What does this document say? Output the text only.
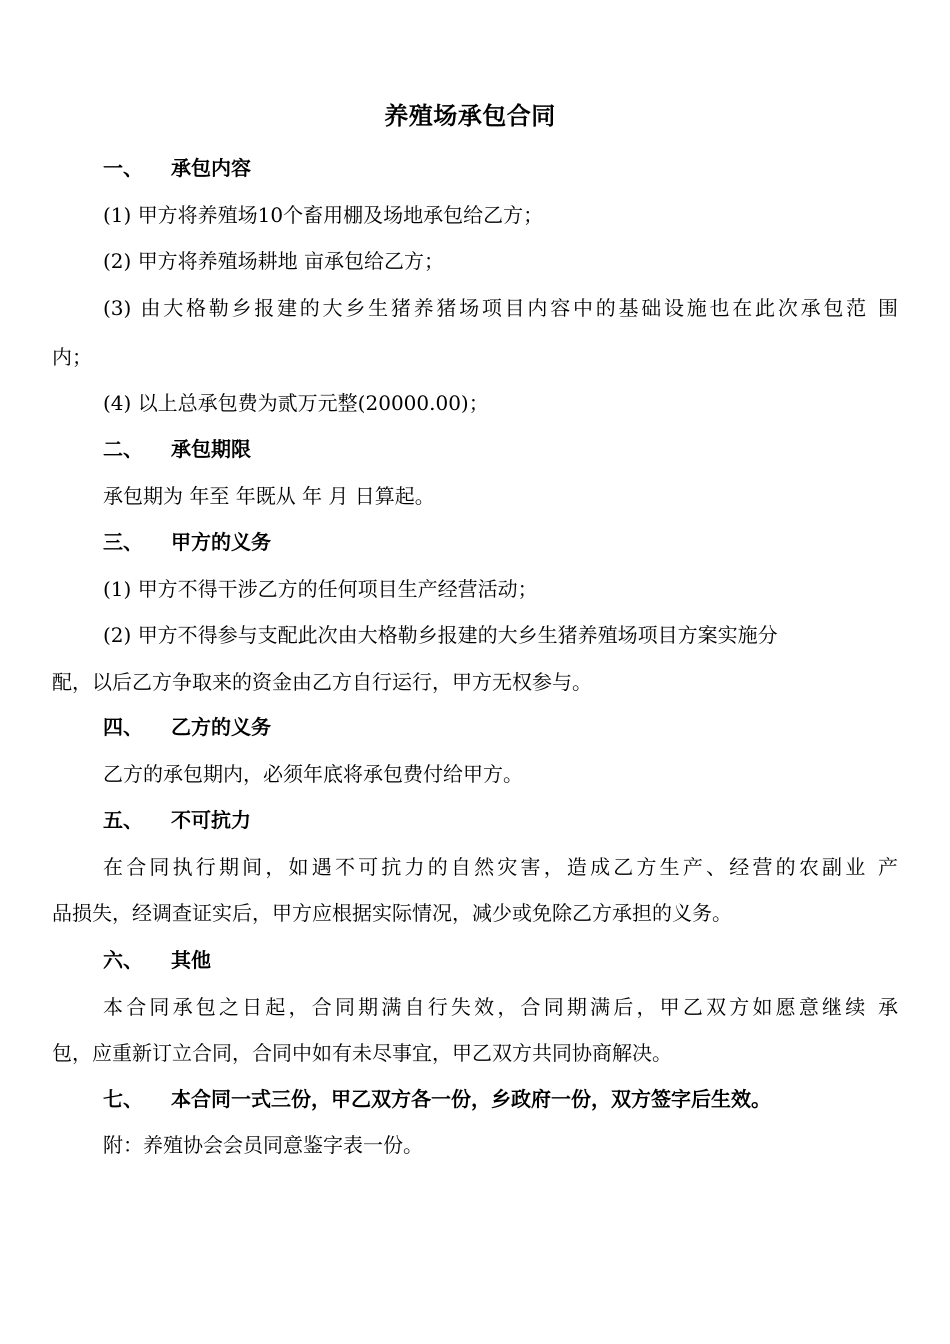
养殖场承包合同
一、 承包内容
(1) 甲方将养殖场10个畜用棚及场地承包给乙方；
(2) 甲方将养殖场耕地 亩承包给乙方；
(3) 由大格勒乡报建的大乡生猪养猪场项目内容中的基础设施也在此次承包范 围
内；
(4) 以上总承包费为贰万元整(20000.00)；
二、 承包期限
承包期为 年至 年既从 年 月 日算起。
三、 甲方的义务
(1) 甲方不得干涉乙方的任何项目生产经营活动；
(2) 甲方不得参与支配此次由大格勒乡报建的大乡生猪养殖场项目方案实施分
配，以后乙方争取来的资金由乙方自行运行，甲方无权参与。
四、 乙方的义务
乙方的承包期内，必须年底将承包费付给甲方。
五、 不可抗力
在合同执行期间，如遇不可抗力的自然灾害，造成乙方生产、经营的农副业 产
品损失，经调查证实后，甲方应根据实际情况，减少或免除乙方承担的义务。
六、 其他
本合同承包之日起，合同期满自行失效，合同期满后，甲乙双方如愿意继续 承
包，应重新订立合同，合同中如有未尽事宜，甲乙双方共同协商解决。
七、 本合同一式三份，甲乙双方各一份，乡政府一份，双方签字后生效。
附：养殖协会会员同意鉴字表一份。
